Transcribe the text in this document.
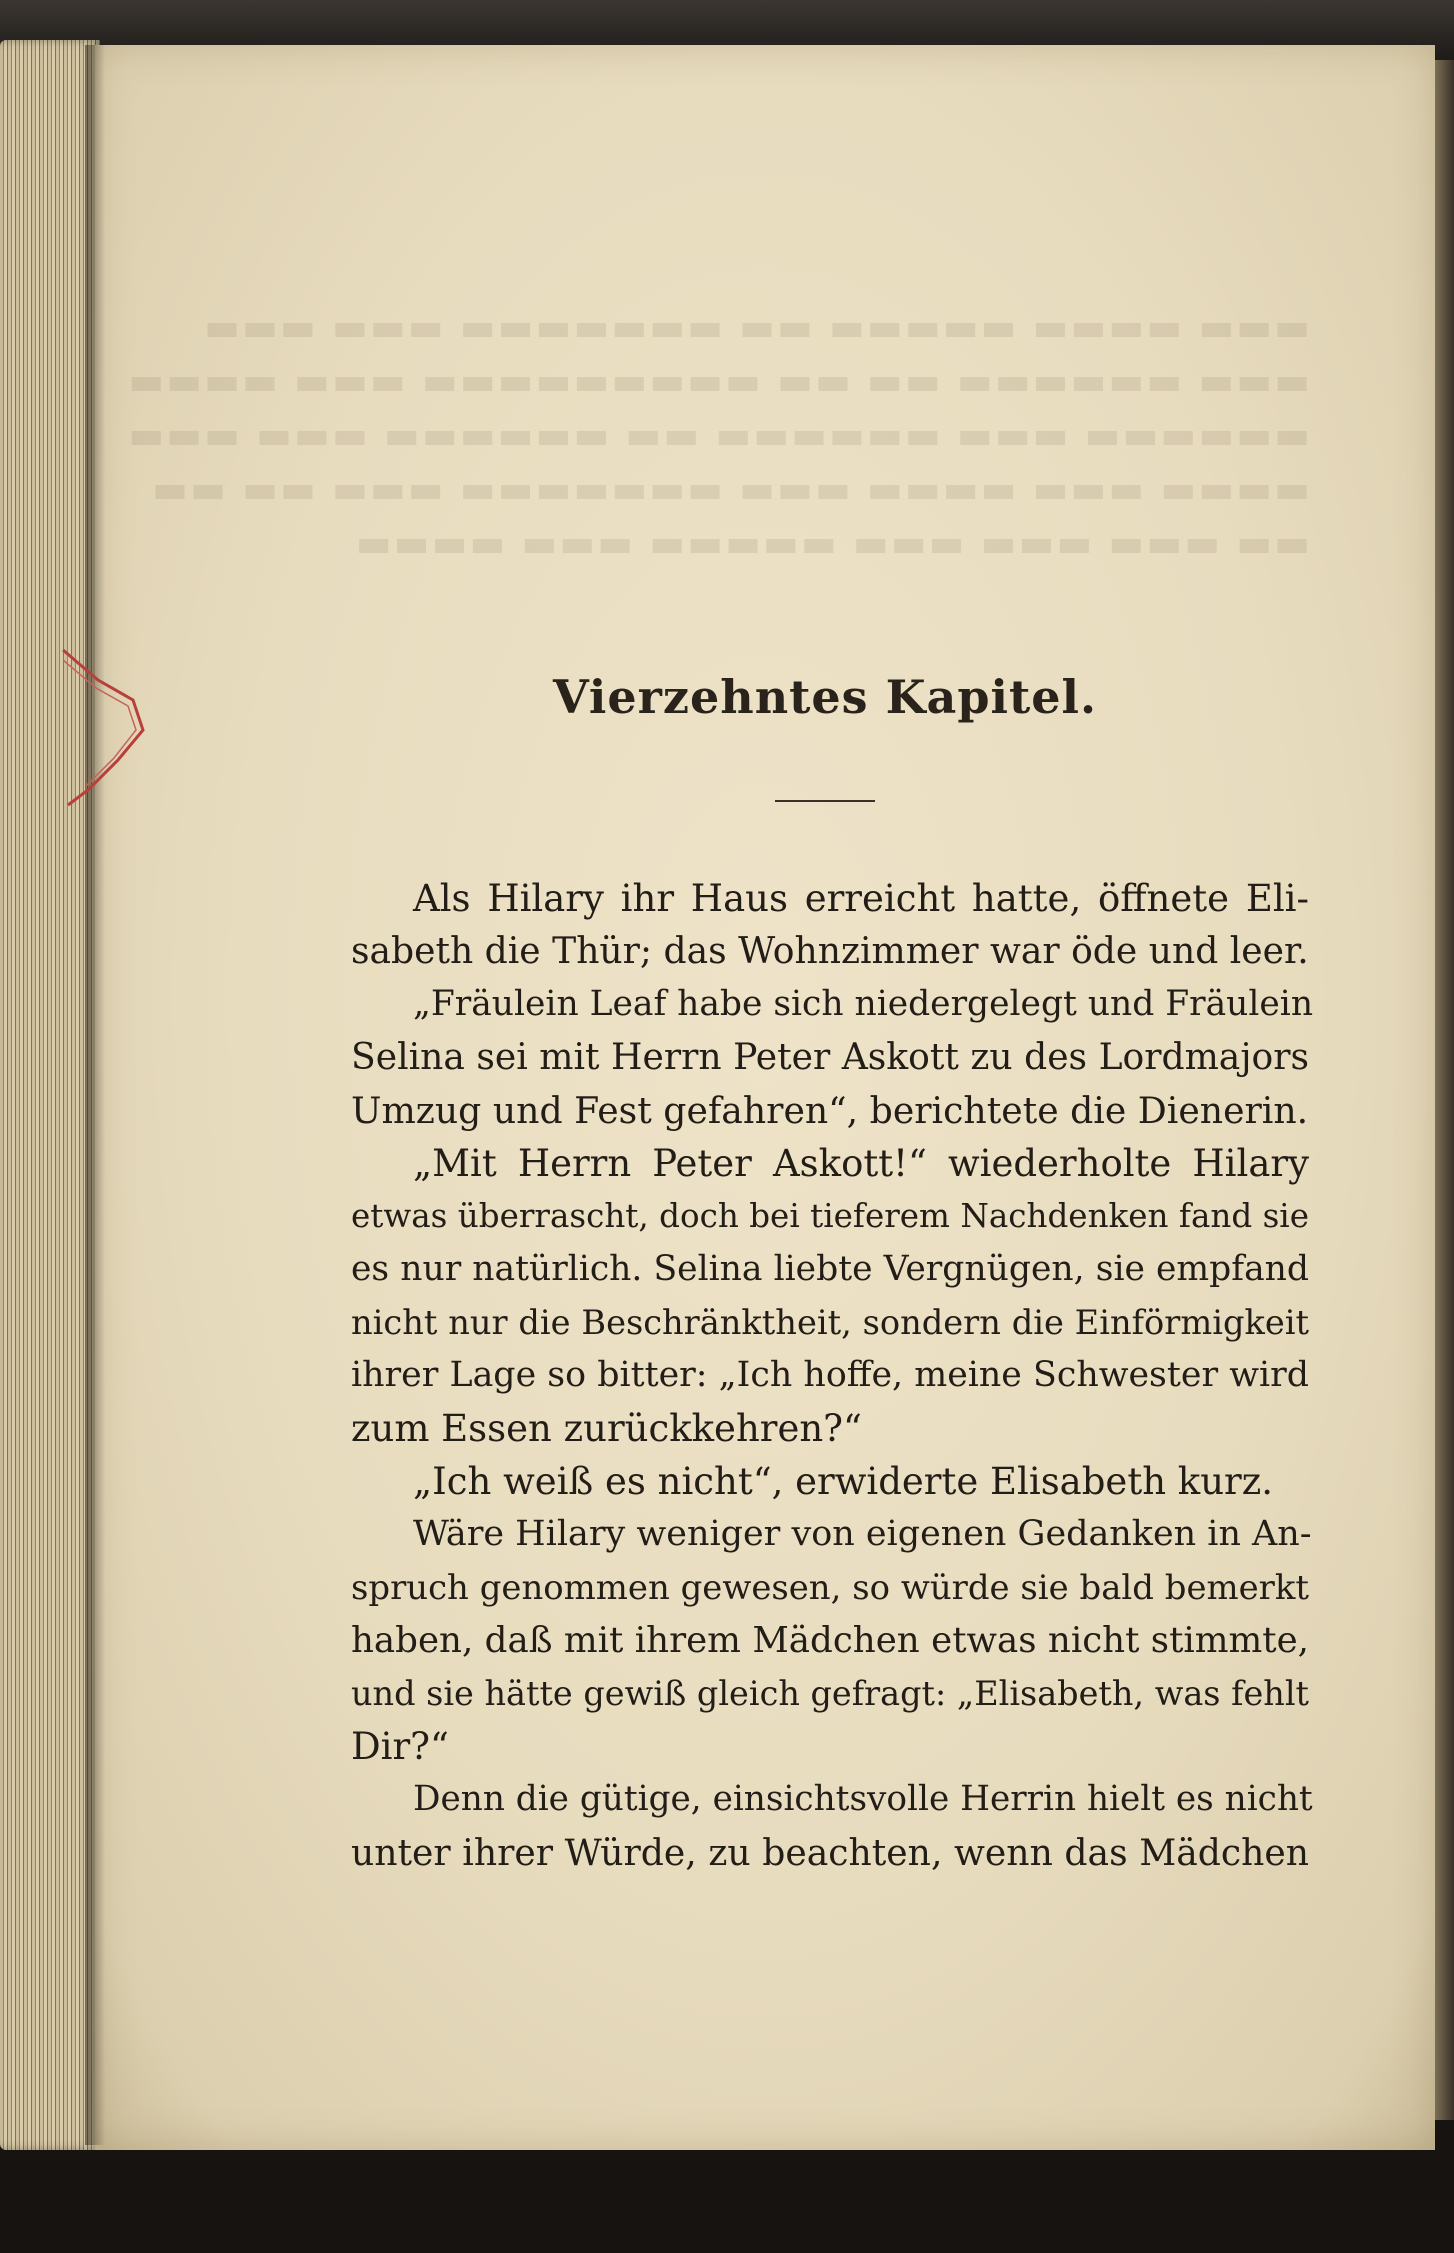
Vierzehntes Kapitel.
Als Hilary ihr Haus erreicht hatte, öffnete Eli-
sabeth die Thür; das Wohnzimmer war öde und leer.
„Fräulein Leaf habe sich niedergelegt und Fräulein
Selina sei mit Herrn Peter Askott zu des Lordmajors
Umzug und Fest gefahren“, berichtete die Dienerin.
„Mit Herrn Peter Askott!“ wiederholte Hilary
etwas überrascht, doch bei tieferem Nachdenken fand sie
es nur natürlich. Selina liebte Vergnügen, sie empfand
nicht nur die Beschränktheit, sondern die Einförmigkeit
ihrer Lage so bitter: „Ich hoffe, meine Schwester wird
zum Essen zurückkehren?“
„Ich weiß es nicht“, erwiderte Elisabeth kurz.
Wäre Hilary weniger von eigenen Gedanken in An-
spruch genommen gewesen, so würde sie bald bemerkt
haben, daß mit ihrem Mädchen etwas nicht stimmte,
und sie hätte gewiß gleich gefragt: „Elisabeth, was fehlt
Dir?“
Denn die gütige, einsichtsvolle Herrin hielt es nicht
unter ihrer Würde, zu beachten, wenn das Mädchen
